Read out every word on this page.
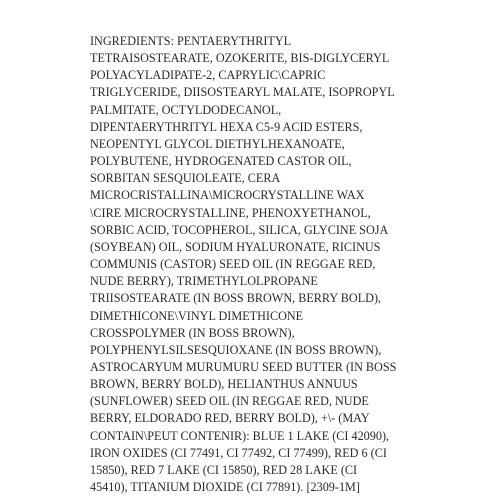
INGREDIENTS: PENTAERYTHRITYL
TETRAISOSTEARATE, OZOKERITE, BIS-DIGLYCERYL
POLYACYLADIPATE-2, CAPRYLIC\CAPRIC
TRIGLYCERIDE, DIISOSTEARYL MALATE, ISOPROPYL
PALMITATE, OCTYLDODECANOL,
DIPENTAERYTHRITYL HEXA C5-9 ACID ESTERS,
NEOPENTYL GLYCOL DIETHYLHEXANOATE,
POLYBUTENE, HYDROGENATED CASTOR OIL,
SORBITAN SESQUIOLEATE, CERA
MICROCRISTALLINA\MICROCRYSTALLINE WAX
\CIRE MICROCRYSTALLINE, PHENOXYETHANOL,
SORBIC ACID, TOCOPHEROL, SILICA, GLYCINE SOJA
(SOYBEAN) OIL, SODIUM HYALURONATE, RICINUS
COMMUNIS (CASTOR) SEED OIL (IN REGGAE RED,
NUDE BERRY), TRIMETHYLOLPROPANE
TRIISOSTEARATE (IN BOSS BROWN, BERRY BOLD),
DIMETHICONE\VINYL DIMETHICONE
CROSSPOLYMER (IN BOSS BROWN),
POLYPHENYLSILSESQUIOXANE (IN BOSS BROWN),
ASTROCARYUM MURUMURU SEED BUTTER (IN BOSS
BROWN, BERRY BOLD), HELIANTHUS ANNUUS
(SUNFLOWER) SEED OIL (IN REGGAE RED, NUDE
BERRY, ELDORADO RED, BERRY BOLD), +\- (MAY
CONTAIN\PEUT CONTENIR): BLUE 1 LAKE (CI 42090),
IRON OXIDES (CI 77491, CI 77492, CI 77499), RED 6 (CI
15850), RED 7 LAKE (CI 15850), RED 28 LAKE (CI
45410), TITANIUM DIOXIDE (CI 77891). [2309-1M]
